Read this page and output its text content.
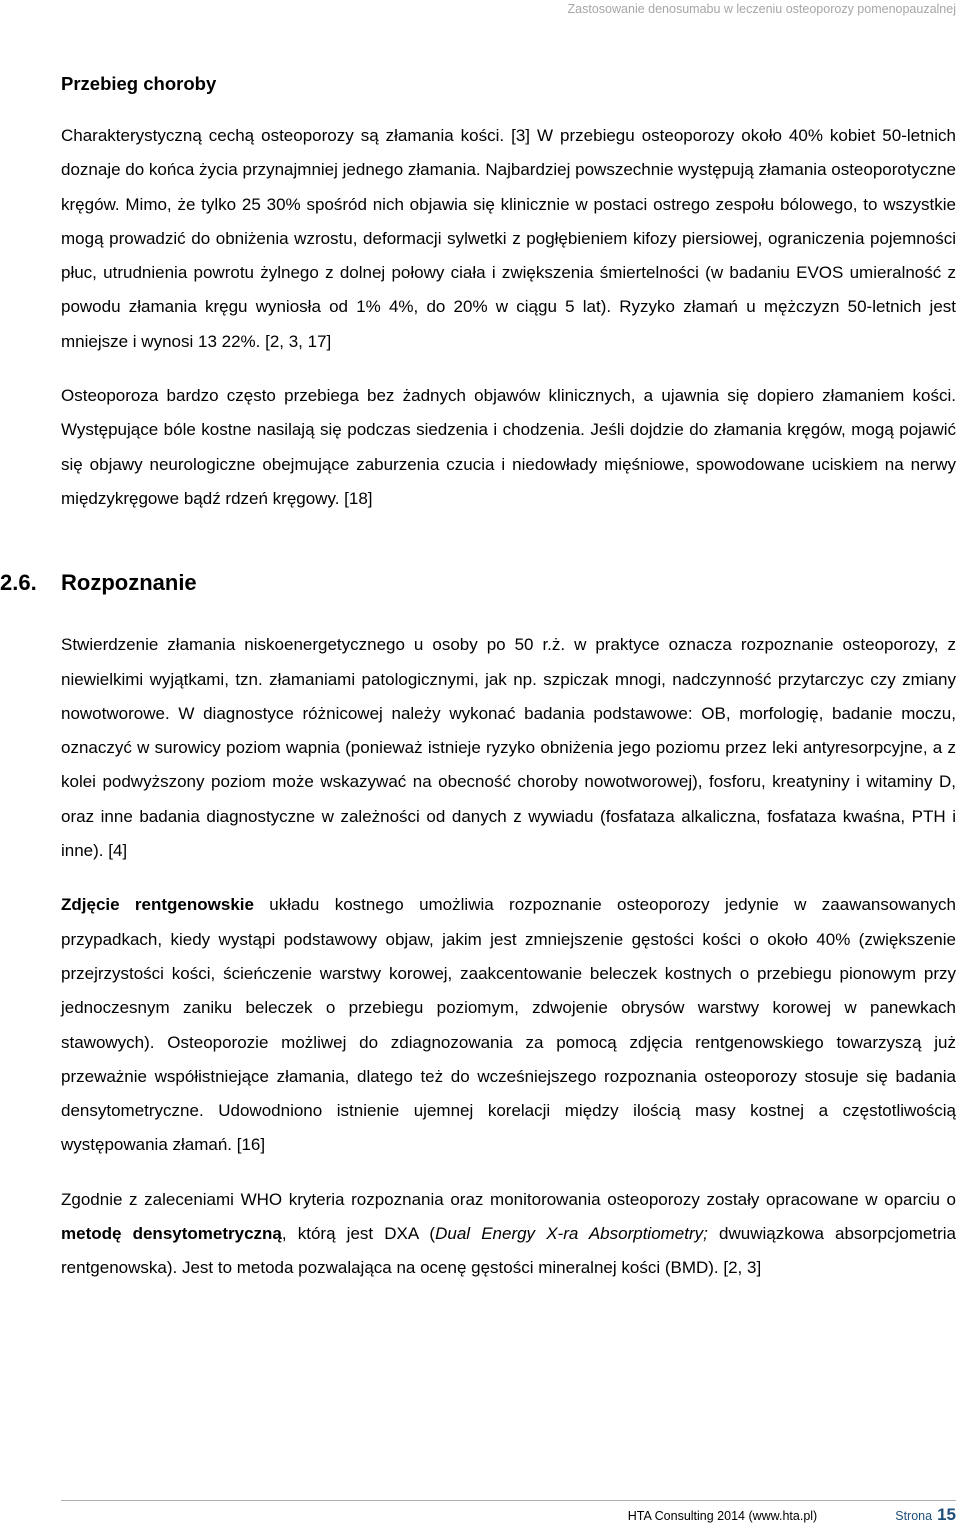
Zastosowanie denosumabu w leczeniu osteoporozy pomenopauzalnej
Przebieg choroby

Charakterystyczną cechą osteoporozy są złamania kości. [3] W przebiegu osteoporozy około 40% kobiet 50-letnich doznaje do końca życia przynajmniej jednego złamania. Najbardziej powszechnie występują złamania osteoporotyczne kręgów. Mimo, że tylko 25 30% spośród nich objawia się klinicznie w postaci ostrego zespołu bólowego, to wszystkie mogą prowadzić do obniżenia wzrostu, deformacji sylwetki z pogłębieniem kifozy piersiowej, ograniczenia pojemności płuc, utrudnienia powrotu żylnego z dolnej połowy ciała i zwiększenia śmiertelności (w badaniu EVOS umieralność z powodu złamania kręgu wyniosła od 1% 4%, do 20% w ciągu 5 lat). Ryzyko złamań u mężczyzn 50-letnich jest mniejsze i wynosi 13 22%. [2, 3, 17]

Osteoporoza bardzo często przebiega bez żadnych objawów klinicznych, a ujawnia się dopiero złamaniem kości. Występujące bóle kostne nasilają się podczas siedzenia i chodzenia. Jeśli dojdzie do złamania kręgów, mogą pojawić się objawy neurologiczne obejmujące zaburzenia czucia i niedowłady mięśniowe, spowodowane uciskiem na nerwy międzykręgowe bądź rdzeń kręgowy. [18]

2.6. Rozpoznanie

Stwierdzenie złamania niskoenergetycznego u osoby po 50 r.ż. w praktyce oznacza rozpoznanie osteoporozy, z niewielkimi wyjątkami, tzn. złamaniami patologicznymi, jak np. szpiczak mnogi, nadczynność przytarczyc czy zmiany nowotworowe. W diagnostyce różnicowej należy wykonać badania podstawowe: OB, morfologię, badanie moczu, oznaczyć w surowicy poziom wapnia (ponieważ istnieje ryzyko obniżenia jego poziomu przez leki antyresorpcyjne, a z kolei podwyższony poziom może wskazywać na obecność choroby nowotworowej), fosforu, kreatyniny i witaminy D, oraz inne badania diagnostyczne w zależności od danych z wywiadu (fosfataza alkaliczna, fosfataza kwaśna, PTH i inne). [4]

Zdjęcie rentgenowskie układu kostnego umożliwia rozpoznanie osteoporozy jedynie w zaawansowanych przypadkach, kiedy wystąpi podstawowy objaw, jakim jest zmniejszenie gęstości kości o około 40% (zwiększenie przejrzystości kości, ścieńczenie warstwy korowej, zaakcentowanie beleczek kostnych o przebiegu pionowym przy jednoczesnym zaniku beleczek o przebiegu poziomym, zdwojenie obrysów warstwy korowej w panewkach stawowych). Osteoporozie możliwej do zdiagnozowania za pomocą zdjęcia rentgenowskiego towarzyszą już przeważnie współistniejące złamania, dlatego też do wcześniejszego rozpoznania osteoporozy stosuje się badania densytometryczne. Udowodniono istnienie ujemnej korelacji między ilością masy kostnej a częstotliwością występowania złamań. [16]

Zgodnie z zaleceniami WHO kryteria rozpoznania oraz monitorowania osteoporozy zostały opracowane w oparciu o metodę densytometryczną, którą jest DXA (Dual Energy X-ra Absorptiometry; dwuwiązkowa absorpcjometria rentgenowska). Jest to metoda pozwalająca na ocenę gęstości mineralnej kości (BMD). [2, 3]

HTA Consulting 2014 (www.hta.pl)	Strona 15
